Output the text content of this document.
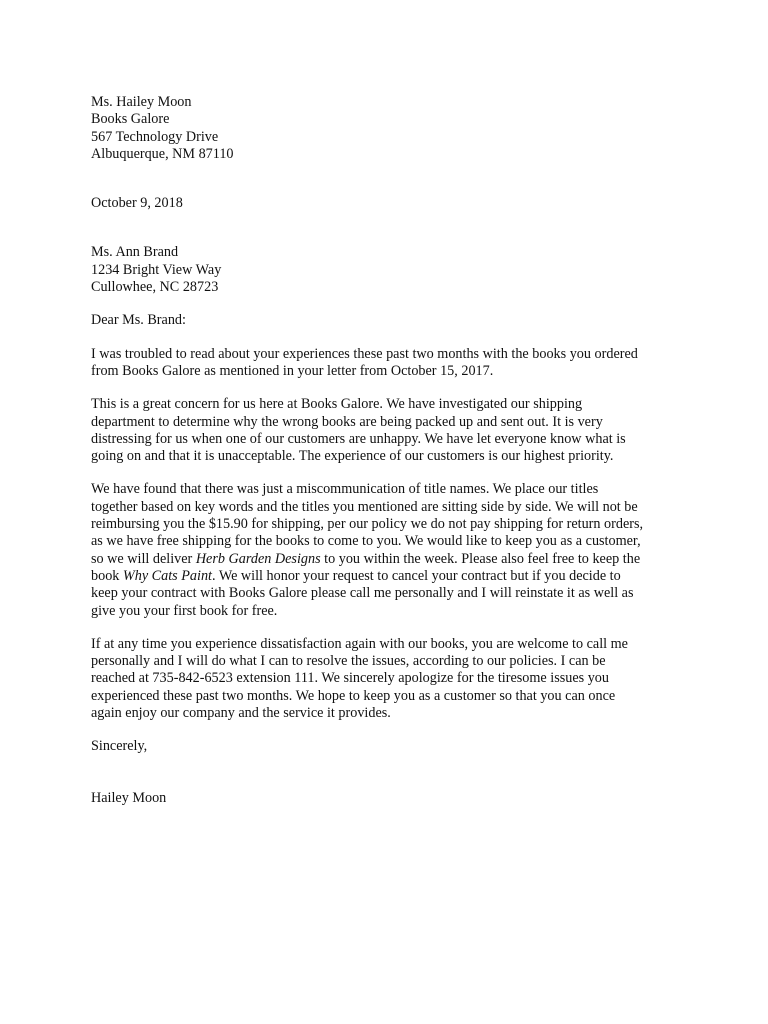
Ms. Hailey Moon
Books Galore
567 Technology Drive
Albuquerque, NM 87110
October 9, 2018
Ms. Ann Brand
1234 Bright View Way
Cullowhee, NC 28723
Dear Ms. Brand:
I was troubled to read about your experiences these past two months with the books you ordered
from Books Galore as mentioned in your letter from October 15, 2017.
This is a great concern for us here at Books Galore. We have investigated our shipping
department to determine why the wrong books are being packed up and sent out. It is very
distressing for us when one of our customers are unhappy. We have let everyone know what is
going on and that it is unacceptable. The experience of our customers is our highest priority.
We have found that there was just a miscommunication of title names. We place our titles
together based on key words and the titles you mentioned are sitting side by side. We will not be
reimbursing you the $15.90 for shipping, per our policy we do not pay shipping for return orders,
as we have free shipping for the books to come to you. We would like to keep you as a customer,
so we will deliver Herb Garden Designs to you within the week. Please also feel free to keep the
book Why Cats Paint. We will honor your request to cancel your contract but if you decide to
keep your contract with Books Galore please call me personally and I will reinstate it as well as
give you your first book for free.
If at any time you experience dissatisfaction again with our books, you are welcome to call me
personally and I will do what I can to resolve the issues, according to our policies. I can be
reached at 735-842-6523 extension 111. We sincerely apologize for the tiresome issues you
experienced these past two months. We hope to keep you as a customer so that you can once
again enjoy our company and the service it provides.
Sincerely,
Hailey Moon
